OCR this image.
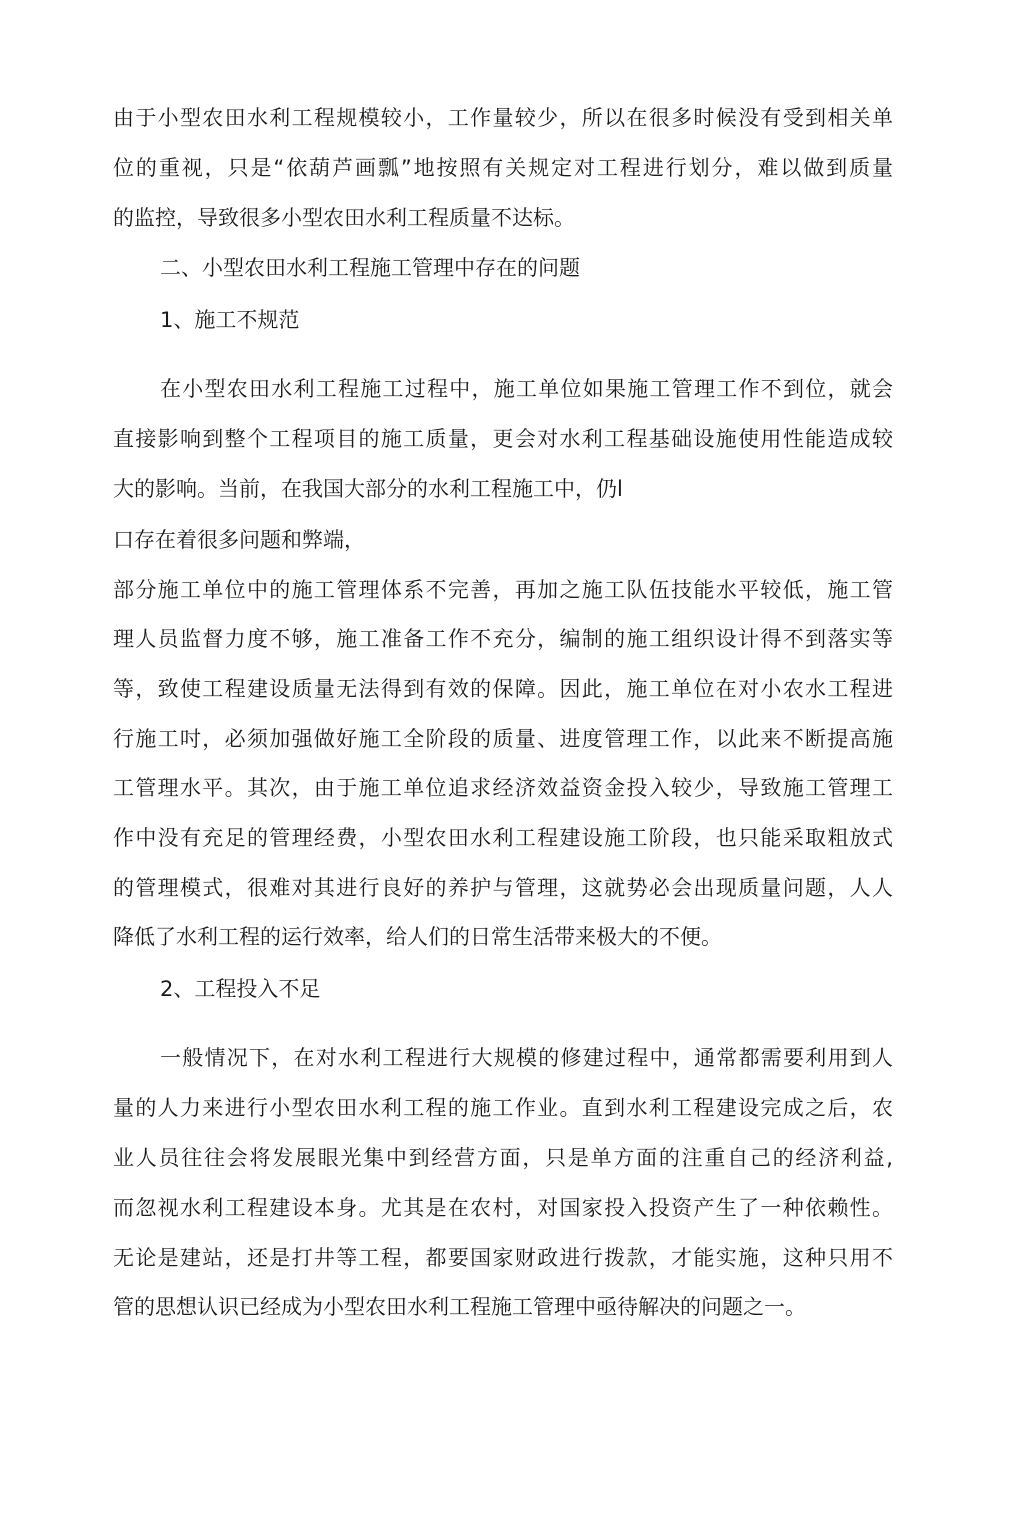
由于小型农田水利工程规模较小，工作量较少，所以在很多时候没有受到相关单
位的重视，只是“依葫芦画瓢”地按照有关规定对工程进行划分，难以做到质量
的监控，导致很多小型农田水利工程质量不达标。
二、小型农田水利工程施工管理中存在的问题
1、施工不规范
在小型农田水利工程施工过程中，施工单位如果施工管理工作不到位，就会
直接影响到整个工程项目的施工质量，更会对水利工程基础设施使用性能造成较
大的影响。当前，在我国大部分的水利工程施工中，仍l
口存在着很多问题和弊端，
部分施工单位中的施工管理体系不完善，再加之施工队伍技能水平较低，施工管
理人员监督力度不够，施工准备工作不充分，编制的施工组织设计得不到落实等
等，致使工程建设质量无法得到有效的保障。因此，施工单位在对小农水工程进
行施工吋，必须加强做好施工全阶段的质量、进度管理工作，以此来不断提高施
工管理水平。其次，由于施工单位追求经济效益资金投入较少，导致施工管理工
作中没有充足的管理经费，小型农田水利工程建设施工阶段，也只能采取粗放式
的管理模式，很难对其进行良好的养护与管理，这就势必会出现质量问题，人人
降低了水利工程的运行效率，给人们的日常生活带来极大的不便。
2、工程投入不足
一般情况下，在对水利工程进行大规模的修建过程中，通常都需要利用到人
量的人力来进行小型农田水利工程的施工作业。直到水利工程建设完成之后，农
业人员往往会将发展眼光集中到经营方面，只是单方面的注重自己的经济利益,
而忽视水利工程建设本身。尤其是在农村，对国家投入投资产生了一种依赖性。
无论是建站，还是打井等工程，都要国家财政进行拨款，才能实施，这种只用不
管的思想认识已经成为小型农田水利工程施工管理中亟待解决的问题之一。
